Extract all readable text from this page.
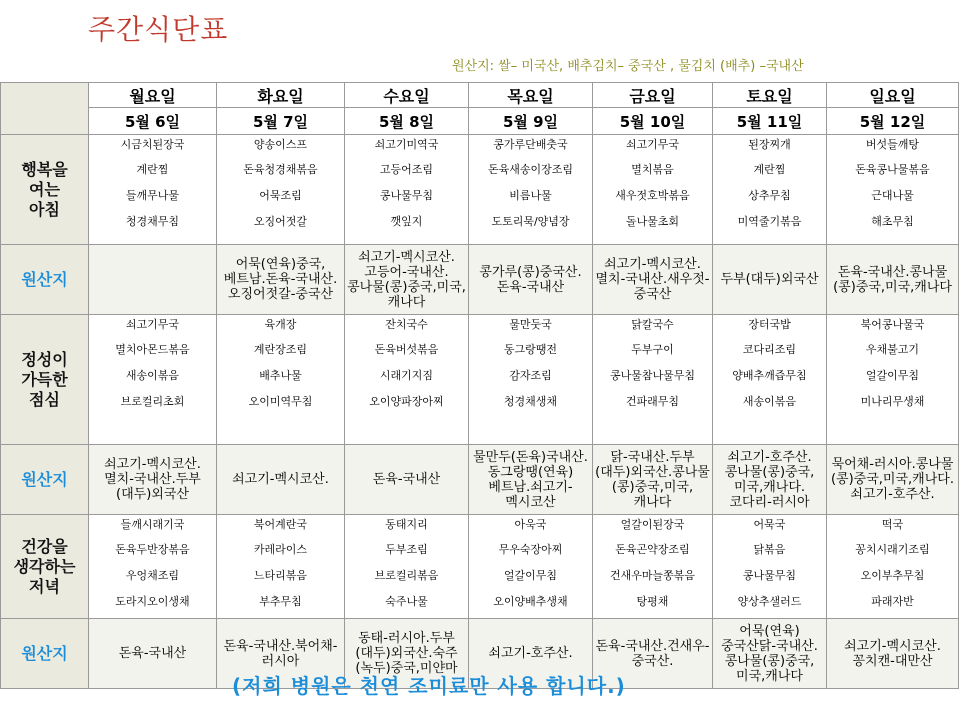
주간식단표
원산지: 쌀– 미국산, 배추김치– 중국산 , 물김치 (배추) –국내산
	월요일	화요일	수요일	목요일	금요일	토요일	일요일
	5월 6일	5월 7일	5월 8일	5월 9일	5월 10일	5월 11일	5월 12일
행복을
여는
아침	시금치된장국
계란찜
들깨무나물
청경채무침	양송이스프
돈육청경채볶음
어묵조림
오징어젓갈	쇠고기미역국
고등어조림
콩나물무침
깻잎지	콩가루단배춧국
돈육새송이장조림
비름나물
도토리묵/양념장	쇠고기무국
멸치볶음
새우젓호박볶음
돌나물초회	된장찌개
계란찜
상추무침
미역줄기볶음	버섯들깨탕
돈육콩나물볶음
근대나물
해초무침

원산지		어묵(연육)중국,베트남.돈육-국내산.오징어젓갈-중국산	쇠고기-멕시코산.고등어-국내산.콩나물(콩)중국,미국,캐나다	콩가루(콩)중국산.돈육-국내산	쇠고기-멕시코산.멸치-국내산.새우젓-중국산	두부(대두)외국산	돈육-국내산.콩나물(콩)중국,미국,캐나다
정성이
가득한
점심	쇠고기무국
멸치아몬드볶음
새송이볶음
브로컬리초회	육개장
계란장조림
배추나물
오이미역무침	잔치국수
돈육버섯볶음
시래기지짐
오이양파장아찌	물만둣국
동그랑땡전
감자조림
청경채생채	닭칼국수
두부구이
콩나물참나물무침
건파래무침	장터국밥
코다리조림
양배추깨즙무침
새송이볶음	북어콩나물국
우채불고기
얼갈이무침
미나리무생채

원산지	쇠고기-멕시코산.멸치-국내산.두부(대두)외국산	쇠고기-멕시코산.	돈육-국내산	물만두(돈육)국내산.동그랑땡(연육)베트남.쇠고기-멕시코산	닭-국내산.두부(대두)외국산.콩나물(콩)중국,미국,캐나다	쇠고기-호주산.콩나물(콩)중국,미국,캐나다.코다리-러시아	묵어채-러시아.콩나물(콩)중국,미국,캐나다.쇠고기-호주산.
건강을
생각하는
저녁	들깨시래기국
돈육두반장볶음
우엉채조림
도라지오이생채	북어계란국
카레라이스
느타리볶음
부추무침	동태지리
두부조림
브로컬리볶음
숙주나물	아욱국
무우숙장아찌
얼갈이무침
오이양배추생채	얼갈이된장국
돈육곤약장조림
건새우마늘쫑볶음
탕평채	어묵국
닭볶음
콩나물무침
양상추샐러드	떡국
꽁치시래기조림
오이부추무침
파래자반

원산지	돈육-국내산	돈육-국내산.북어채-러시아	동태-러시아.두부(대두)외국산.숙주(녹두)중국,미얀마	쇠고기-호주산.	돈육-국내산.건새우-중국산.	어묵(연육)중국산닭-국내산.콩나물(콩)중국,미국,캐나다	쇠고기-멕시코산.꽁치캔-대만산
(저희 병원은 천연 조미료만 사용 합니다.)
